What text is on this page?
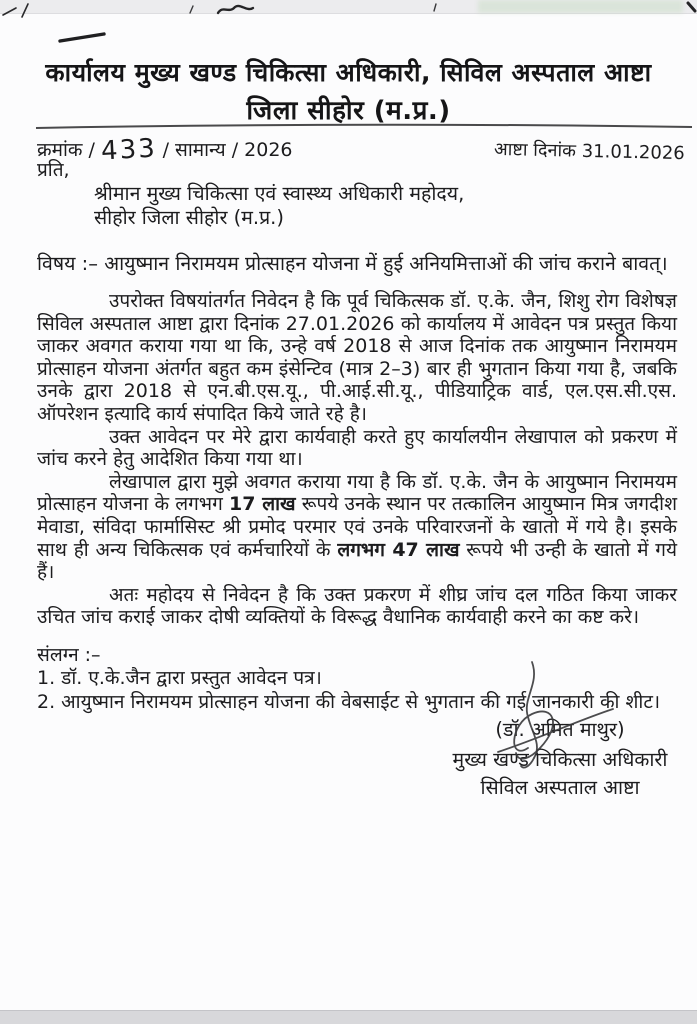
कार्यालय मुख्य खण्ड चिकित्सा अधिकारी, सिविल अस्पताल आष्टा
जिला सीहोर (म.प्र.)
क्रमांक / 433 / सामान्य / 2026	आष्टा दिनांक 31.01.2026
प्रति,
श्रीमान मुख्य चिकित्सा एवं स्वास्थ्य अधिकारी महोदय,
सीहोर जिला सीहोर (म.प्र.)
विषय :– आयुष्मान निरामयम प्रोत्साहन योजना में हुई अनियमित्ताओं की जांच कराने बावत्।

उपरोक्त विषयांतर्गत निवेदन है कि पूर्व चिकित्सक डॉ. ए.के. जैन, शिशु रोग विशेषज्ञ सिविल अस्पताल आष्टा द्वारा दिनांक 27.01.2026 को कार्यालय में आवेदन पत्र प्रस्तुत किया जाकर अवगत कराया गया था कि, उन्हे वर्ष 2018 से आज दिनांक तक आयुष्मान निरामयम प्रोत्साहन योजना अंतर्गत बहुत कम इंसेन्टिव (मात्र 2–3) बार ही भुगतान किया गया है, जबकि उनके द्वारा 2018 से एन.बी.एस.यू., पी.आई.सी.यू., पीडियाट्रिक वार्ड, एल.एस.सी.एस. ऑपरेशन इत्यादि कार्य संपादित किये जाते रहे है।

उक्त आवेदन पर मेरे द्वारा कार्यवाही करते हुए कार्यालयीन लेखापाल को प्रकरण में जांच करने हेतु आदेशित किया गया था।

लेखापाल द्वारा मुझे अवगत कराया गया है कि डॉ. ए.के. जैन के आयुष्मान निरामयम प्रोत्साहन योजना के लगभग 17 लाख रूपये उनके स्थान पर तत्कालिन आयुष्मान मित्र जगदीश मेवाडा, संविदा फार्मासिस्ट श्री प्रमोद परमार एवं उनके परिवारजनों के खातो में गये है। इसके साथ ही अन्य चिकित्सक एवं कर्मचारियों के लगभग 47 लाख रूपये भी उन्ही के खातो में गये हैं।

अतः महोदय से निवेदन है कि उक्त प्रकरण में शीघ्र जांच दल गठित किया जाकर उचित जांच कराई जाकर दोषी व्यक्तियों के विरूद्ध वैधानिक कार्यवाही करने का कष्ट करे।

संलग्न :–
1. डॉ. ए.के.जैन द्वारा प्रस्तुत आवेदन पत्र।
2. आयुष्मान निरामयम प्रोत्साहन योजना की वेबसाईट से भुगतान की गई जानकारी की शीट।
(डॉ. अमित माथुर)
मुख्य खण्ड चिकित्सा अधिकारी
सिविल अस्पताल आष्टा
